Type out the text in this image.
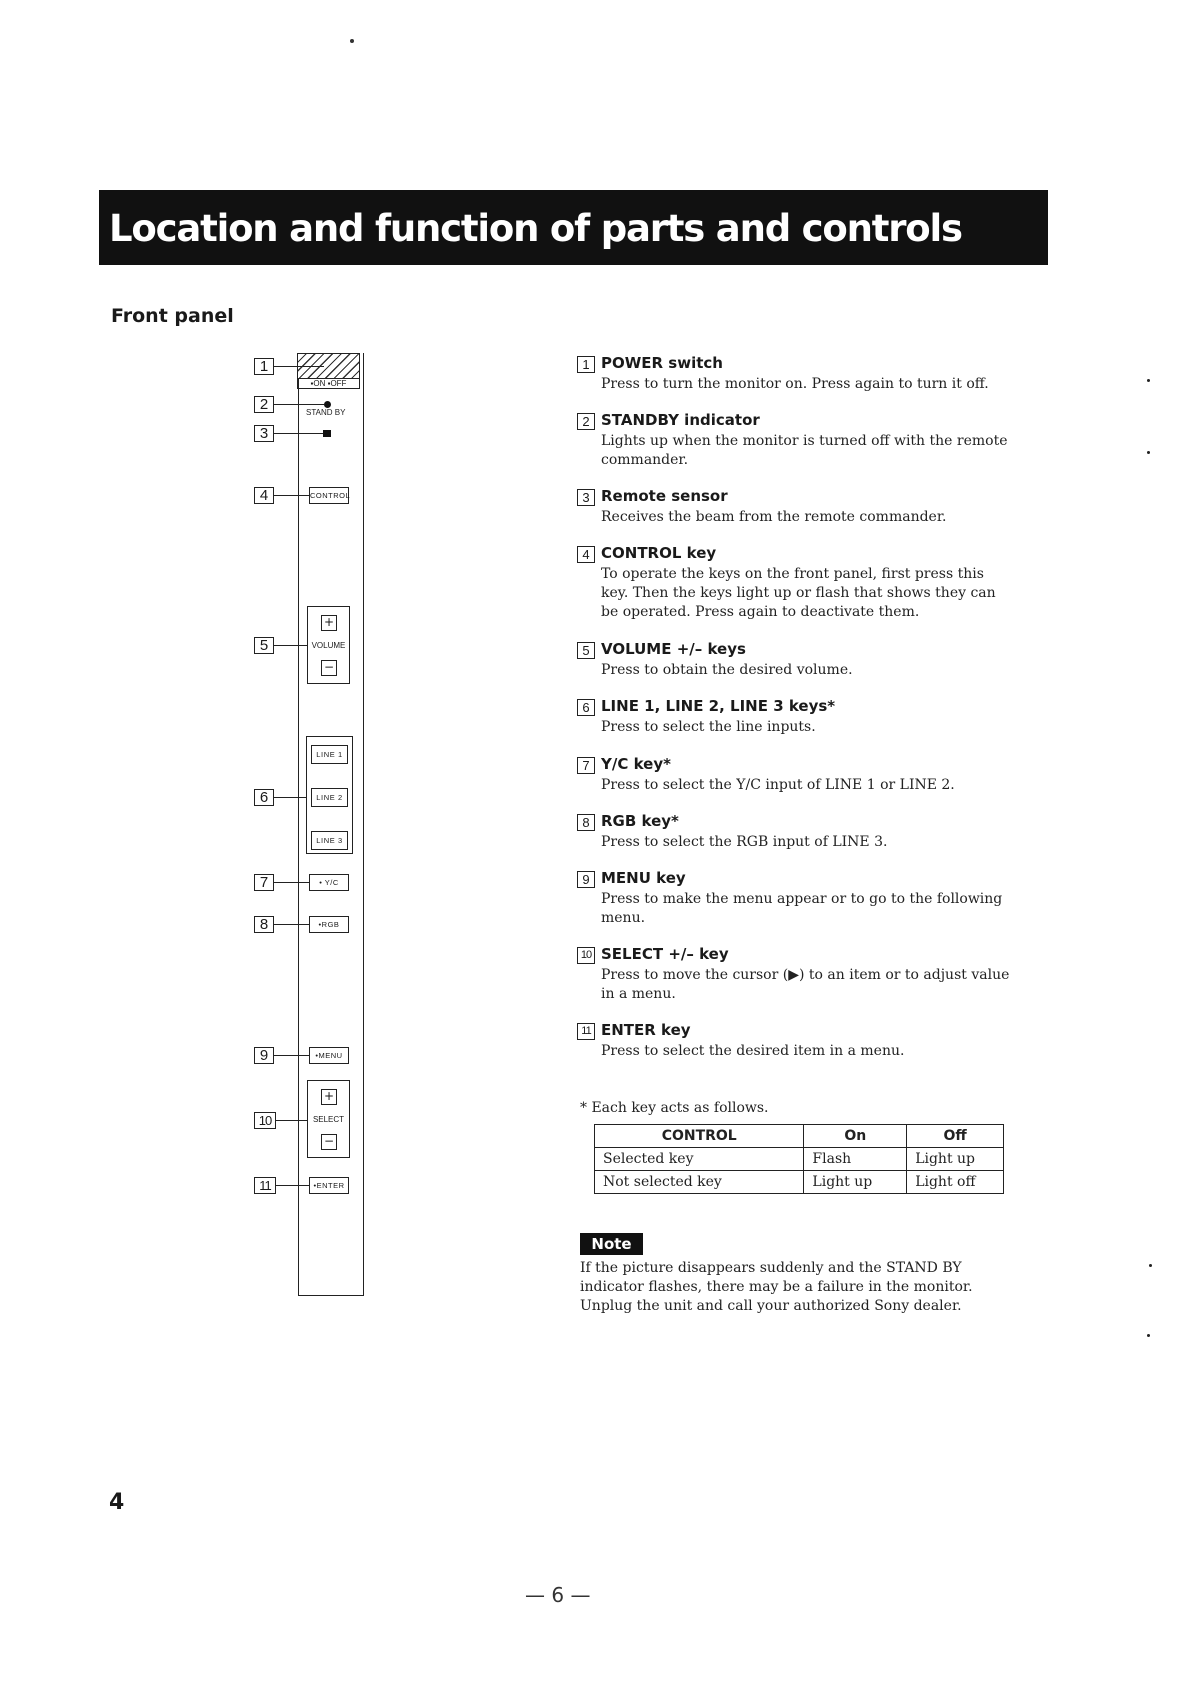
Location and function of parts and controls
Front panel
▪ON ▪OFF
STAND BY
CONTROL
+
VOLUME
−
LINE 1
LINE 2
LINE 3
• Y/C
•RGB
•MENU
+
SELECT
−
•ENTER
1
2
3
4
5
6
7
8
9
10
11
1 POWER switch
Press to turn the monitor on. Press again to turn it off.
2 STANDBY indicator
Lights up when the monitor is turned off with the remote commander.
3 Remote sensor
Receives the beam from the remote commander.
4 CONTROL key
To operate the keys on the front panel, first press this key. Then the keys light up or flash that shows they can be operated. Press again to deactivate them.
5 VOLUME +/– keys
Press to obtain the desired volume.
6 LINE 1, LINE 2, LINE 3 keys*
Press to select the line inputs.
7 Y/C key*
Press to select the Y/C input of LINE 1 or LINE 2.
8 RGB key*
Press to select the RGB input of LINE 3.
9 MENU key
Press to make the menu appear or to go to the following menu.
10 SELECT +/– key
Press to move the cursor (▶) to an item or to adjust value in a menu.
11 ENTER key
Press to select the desired item in a menu.
* Each key acts as follows.
CONTROL	On	Off
Selected key	Flash	Light up
Not selected key	Light up	Light off
Note
If the picture disappears suddenly and the STAND BY indicator flashes, there may be a failure in the monitor. Unplug the unit and call your authorized Sony dealer.
4
— 6 —
